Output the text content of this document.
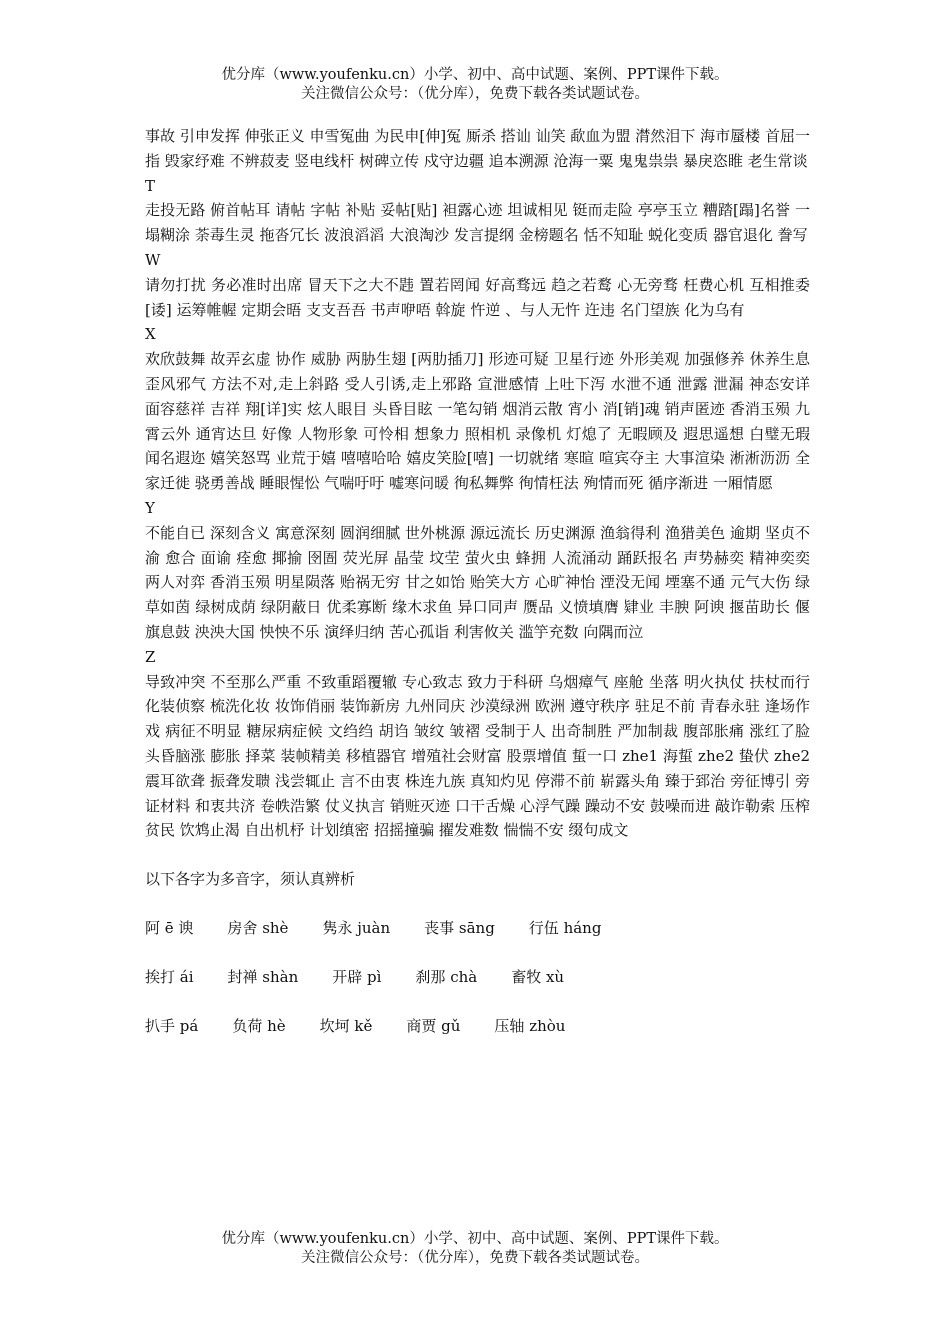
优分库（www.youfenku.cn）小学、初中、高中试题、案例、PPT课件下载。
关注微信公众号：（优分库），免费下载各类试题试卷。

事故 引申发挥 伸张正义 申雪冤曲 为民申[伸]冤 厮杀 搭讪 讪笑 歃血为盟 潸然泪下 海市蜃楼 首屈一指 毁家纾难 不辨菽麦 竖电线杆 树碑立传 戍守边疆 追本溯源 沧海一粟 鬼鬼祟祟 暴戾恣睢 老生常谈

T

走投无路 俯首帖耳 请帖 字帖 补贴 妥帖[贴] 袒露心迹 坦诚相见 铤而走险 亭亭玉立 糟踏[蹋]名誉 一塌糊涂 荼毒生灵 拖沓冗长 波浪滔滔 大浪淘沙 发言提纲 金榜题名 恬不知耻 蜕化变质 器官退化 誊写

W

请勿打扰 务必准时出席 冒天下之大不韪 置若罔闻 好高骛远 趋之若鹜 心无旁骛 枉费心机 互相推委[诿] 运筹帷幄 定期会晤 支支吾吾 书声咿唔 斡旋 忤逆 、与人无忤 迕违 名门望族 化为乌有

X

欢欣鼓舞 故弄玄虚 协作 威胁 两胁生翅 [两肋插刀] 形迹可疑 卫星行迹 外形美观 加强修养 休养生息 歪风邪气 方法不对,走上斜路 受人引诱,走上邪路 宣泄感情 上吐下泻 水泄不通 泄露 泄漏 神态安详 面容慈祥 吉祥 翔[详]实 炫人眼目 头昏目眩 一笔勾销 烟消云散 宵小 消[销]魂 销声匿迹 香消玉殒 九霄云外 通宵达旦 好像 人物形象 可怜相 想象力 照相机 录像机 灯熄了 无暇顾及 遐思遥想 白璧无瑕 闻名遐迩 嬉笑怒骂 业荒于嬉 嘻嘻哈哈 嬉皮笑脸[嘻] 一切就绪 寒暄 喧宾夺主 大事渲染 淅淅沥沥 全家迁徙 骁勇善战 睡眼惺忪 气喘吁吁 嘘寒问暖 徇私舞弊 徇情枉法 殉情而死 循序渐进 一厢情愿

Y

不能自已 深刻含义 寓意深刻 圆润细腻 世外桃源 源远流长 历史渊源 渔翁得利 渔猎美色 逾期 坚贞不渝 愈合 面谕 痊愈 揶揄 囹圄 荧光屏 晶莹 坟茔 萤火虫 蜂拥 人流涌动 踊跃报名 声势赫奕 精神奕奕 两人对弈 香消玉殒 明星陨落 贻祸无穷 甘之如饴 贻笑大方 心旷神怡 湮没无闻 堙塞不通 元气大伤 绿草如茵 绿树成荫 绿阴蔽日 优柔寡断 缘木求鱼 异口同声 赝品 义愤填膺 肄业 丰腴 阿谀 揠苗助长 偃旗息鼓 泱泱大国 怏怏不乐 演绎归纳 苦心孤诣 利害攸关 滥竽充数 向隅而泣

Z

导致冲突 不至那么严重 不致重蹈覆辙 专心致志 致力于科研 乌烟瘴气 座舱 坐落 明火执仗 扶杖而行 化装侦察 梳洗化妆 妆饰俏丽 装饰新房 九州同庆 沙漠绿洲 欧洲 遵守秩序 驻足不前 青春永驻 逢场作戏 病征不明显 糖尿病症候 文绉绉 胡诌 皱纹 皱褶 受制于人 出奇制胜 严加制裁 腹部胀痛 涨红了脸 头昏脑涨 膨胀 择菜 装帧精美 移植器官 增殖社会财富 股票增值 蜇一口 zhe1 海蜇 zhe2 蛰伏 zhe2 震耳欲聋 振聋发聩 浅尝辄止 言不由衷 株连九族 真知灼见 停滞不前 崭露头角 臻于郅治 旁征博引 旁证材料 和衷共济 卷帙浩繁 仗义执言 销赃灭迹 口干舌燥 心浮气躁 躁动不安 鼓噪而进 敲诈勒索 压榨贫民 饮鸩止渴 自出机杼 计划缜密 招摇撞骗 擢发难数 惴惴不安 缀句成文

以下各字为多音字，须认真辨析

阿 ē 谀 房舍 shè 隽永 juàn 丧事 sāng 行伍 háng
挨打 ái 封禅 shàn 开辟 pì 刹那 chà 畜牧 xù
扒手 pá 负荷 hè 坎坷 kě 商贾 gǔ 压轴 zhòu
优分库（www.youfenku.cn）小学、初中、高中试题、案例、PPT课件下载。
关注微信公众号：（优分库），免费下载各类试题试卷。
